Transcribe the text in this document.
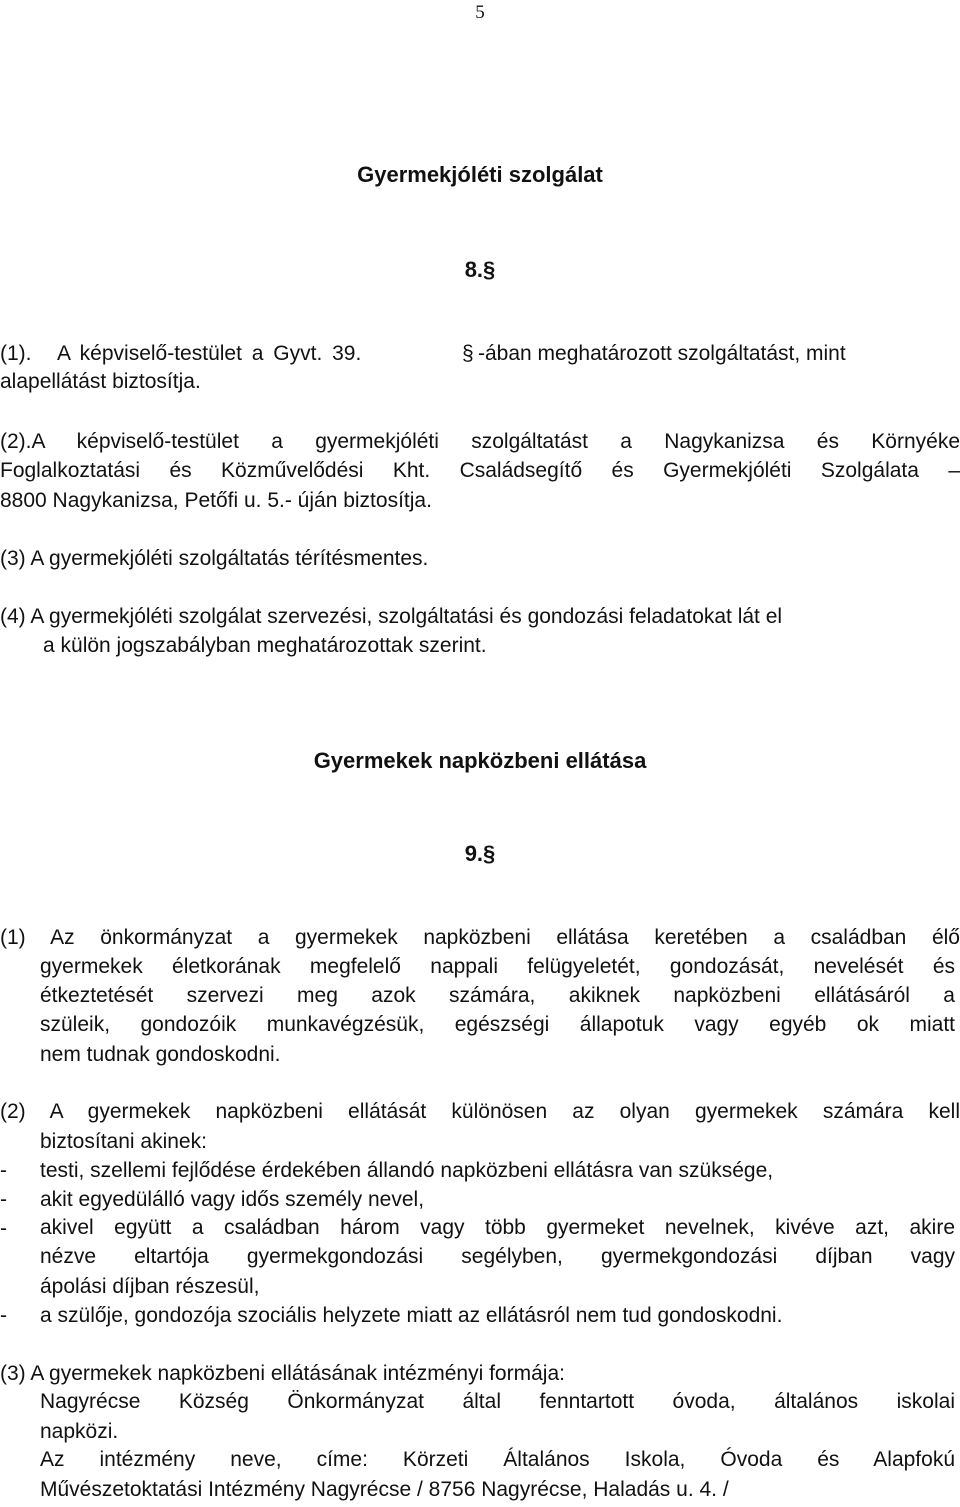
5
Gyermekjóléti szolgálat
8.§
(1). A képviselő-testület a Gyvt. 39.	§ -ában meghatározott szolgáltatást, mint
alapellátást biztosítja.
(2).A képviselő-testület a gyermekjóléti szolgáltatást a Nagykanizsa és Környéke
Foglalkoztatási és Közművelődési Kht. Családsegítő és Gyermekjóléti Szolgálata –
8800 Nagykanizsa, Petőfi u. 5.- úján biztosítja.
(3) A gyermekjóléti szolgáltatás térítésmentes.
(4) A gyermekjóléti szolgálat szervezési, szolgáltatási és gondozási feladatokat lát el
a külön jogszabályban meghatározottak szerint.
Gyermekek napközbeni ellátása
9.§
(1) Az önkormányzat a gyermekek napközbeni ellátása keretében a családban élő
gyermekek életkorának megfelelő nappali felügyeletét, gondozását, nevelését és
étkeztetését szervezi meg azok számára, akiknek napközbeni ellátásáról a
szüleik, gondozóik munkavégzésük, egészségi állapotuk vagy egyéb ok miatt
nem tudnak gondoskodni.
(2) A gyermekek napközbeni ellátását különösen az olyan gyermekek számára kell
biztosítani akinek:
- testi, szellemi fejlődése érdekében állandó napközbeni ellátásra van szüksége,
- akit egyedülálló vagy idős személy nevel,
-	akivel együtt a családban három vagy több gyermeket nevelnek, kivéve azt, akire
nézve eltartója gyermekgondozási segélyben, gyermekgondozási díjban vagy
ápolási díjban részesül,
- a szülője, gondozója szociális helyzete miatt az ellátásról nem tud gondoskodni.
(3) A gyermekek napközbeni ellátásának intézményi formája:
Nagyrécse Község Önkormányzat által fenntartott óvoda, általános iskolai
napközi.
Az intézmény neve, címe: Körzeti Általános Iskola, Óvoda és Alapfokú
Művészetoktatási Intézmény Nagyrécse / 8756 Nagyrécse, Haladás u. 4. /
